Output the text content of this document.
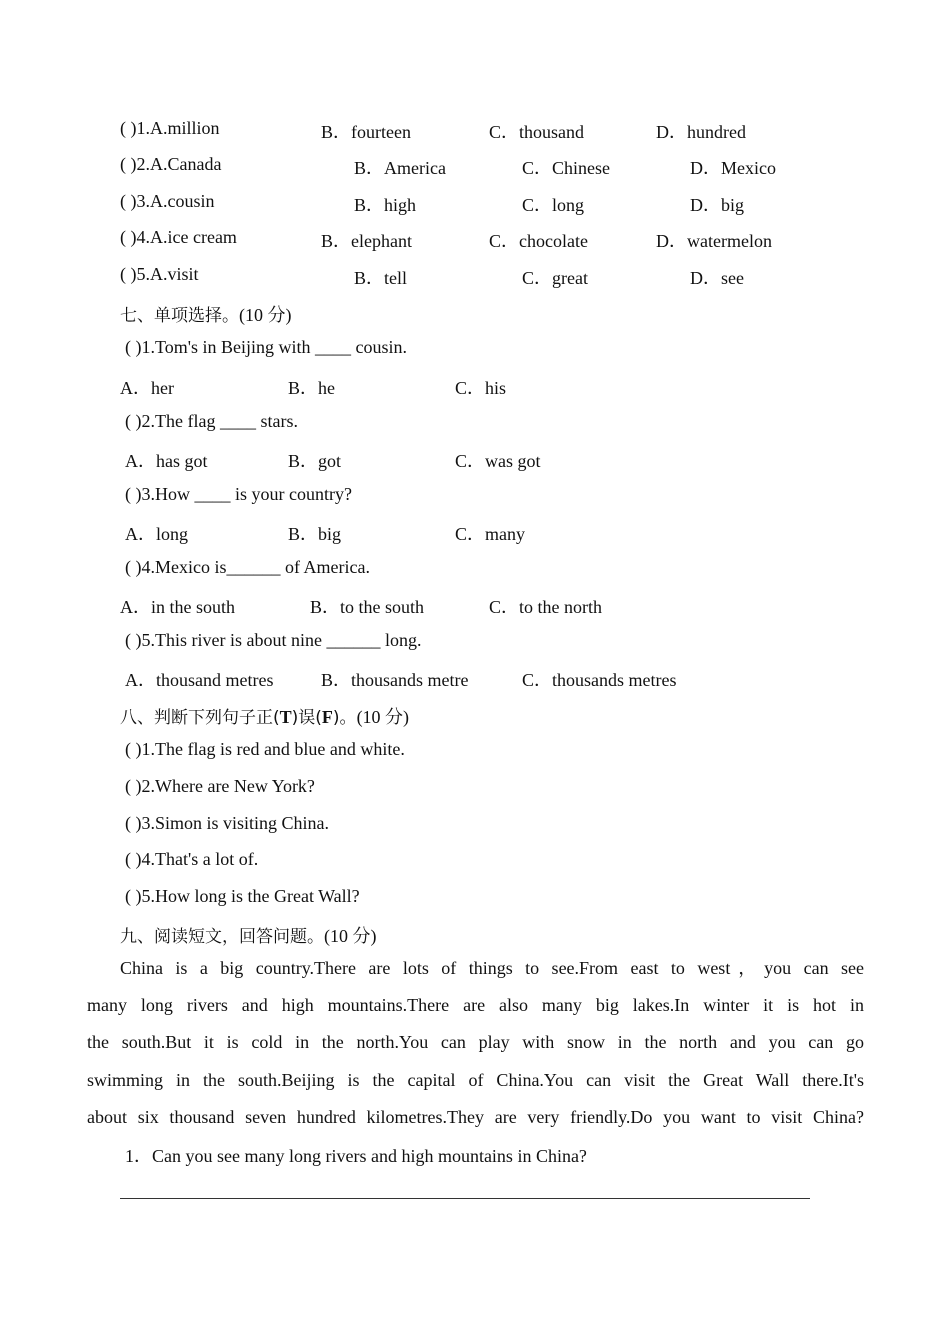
( )1.A.million	B．fourteen	C．thousand	D．hundred
( )2.A.Canada	B．America	C．Chinese	D．Mexico
( )3.A.cousin	B．high	C．long	D．big
( )4.A.ice cream	B．elephant	C．chocolate	D．watermelon
( )5.A.visit	B．tell	C．great	D．see
七、单项选择。(10 分)
( )1.Tom's in Beijing with ____ cousin.
A．her	B．he	C．his
( )2.The flag ____ stars.
A．has got	B．got	C．was got
( )3.How ____ is your country?
A．long	B．big	C．many
( )4.Mexico is______ of America.
A．in the south	B．to the south	C．to the north
( )5.This river is about nine ______ long.
A．thousand metres	B．thousands metre	C．thousands metres
八、判断下列句子正(T)误(F)。(10 分)
( )1.The flag is red and blue and white.
( )2.Where are New York?
( )3.Simon is visiting China.
( )4.That's a lot of.
( )5.How long is the Great Wall?
九、阅读短文，回答问题。(10 分)
China is a big country.There are lots of things to see.From east to west，you can see
many long rivers and high mountains.There are also many big lakes.In winter it is hot in
the south.But it is cold in the north.You can play with snow in the north and you can go
swimming in the south.Beijing is the capital of China.You can visit the Great Wall there.It's
about six thousand seven hundred kilometres.They are very friendly.Do you want to visit China?
1．Can you see many long rivers and high mountains in China?
